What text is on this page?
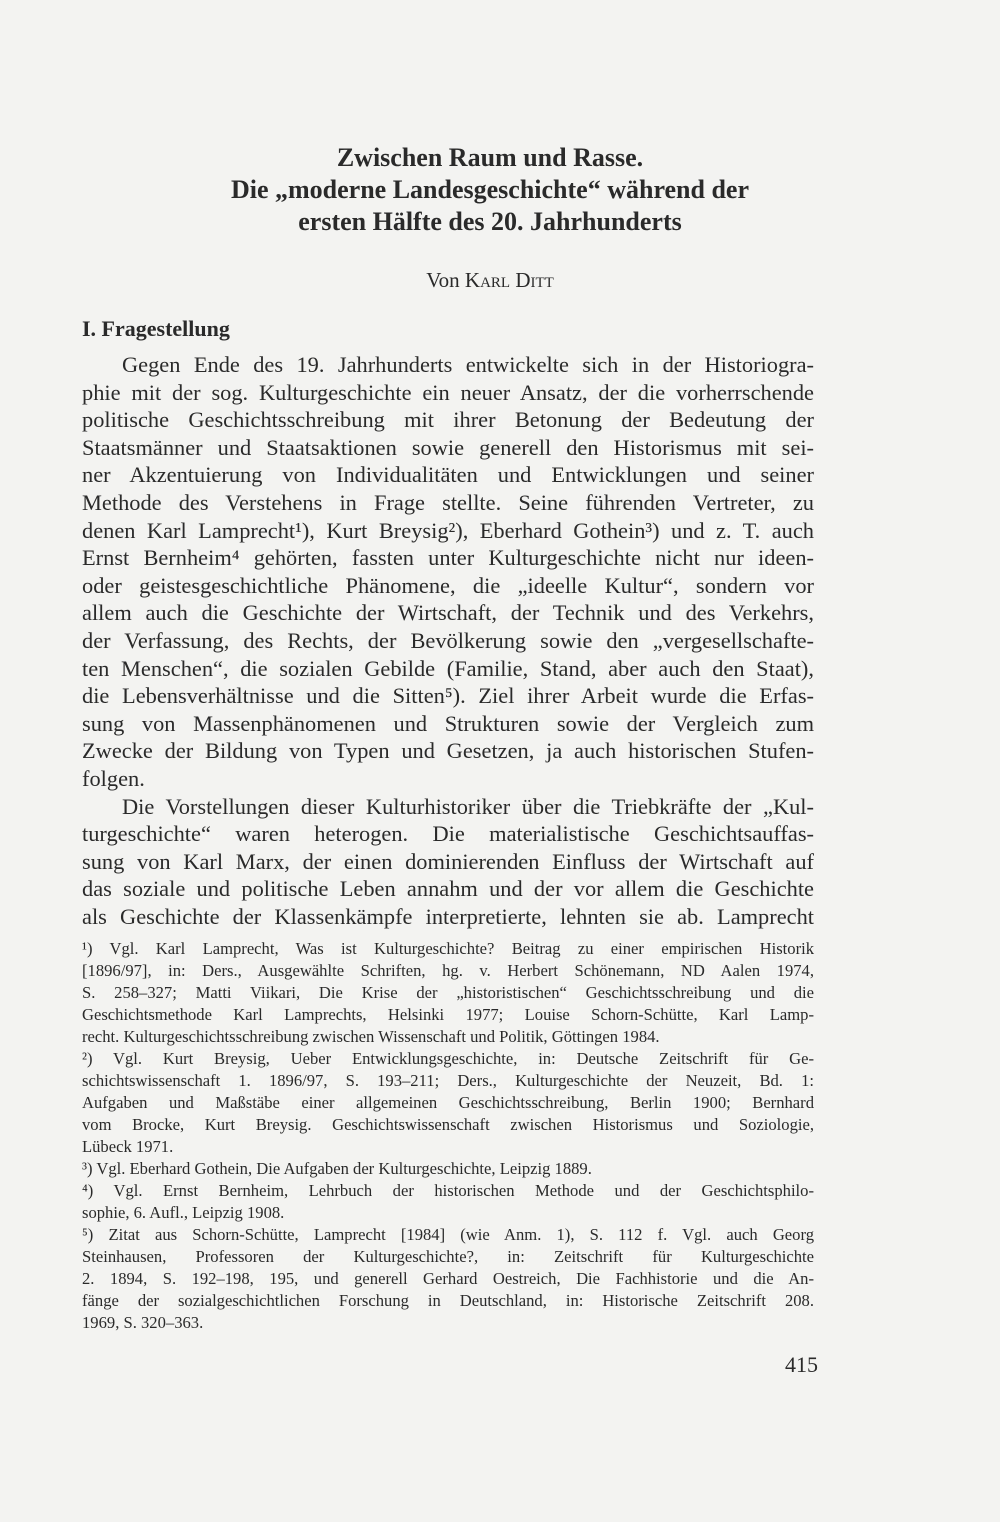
Zwischen Raum und Rasse.
Die „moderne Landesgeschichte“ während der
ersten Hälfte des 20. Jahrhunderts
Von Karl Ditt
I. Fragestellung
Gegen Ende des 19. Jahrhunderts entwickelte sich in der Historiogra-
phie mit der sog. Kulturgeschichte ein neuer Ansatz, der die vorherrschende
politische Geschichtsschreibung mit ihrer Betonung der Bedeutung der
Staatsmänner und Staatsaktionen sowie generell den Historismus mit sei-
ner Akzentuierung von Individualitäten und Entwicklungen und seiner
Methode des Verstehens in Frage stellte. Seine führenden Vertreter, zu
denen Karl Lamprecht¹), Kurt Breysig²), Eberhard Gothein³) und z. T. auch
Ernst Bernheim⁴ gehörten, fassten unter Kulturgeschichte nicht nur ideen-
oder geistesgeschichtliche Phänomene, die „ideelle Kultur“, sondern vor
allem auch die Geschichte der Wirtschaft, der Technik und des Verkehrs,
der Verfassung, des Rechts, der Bevölkerung sowie den „vergesellschafte-
ten Menschen“, die sozialen Gebilde (Familie, Stand, aber auch den Staat),
die Lebensverhältnisse und die Sitten⁵). Ziel ihrer Arbeit wurde die Erfas-
sung von Massenphänomenen und Strukturen sowie der Vergleich zum
Zwecke der Bildung von Typen und Gesetzen, ja auch historischen Stufen-
folgen.
Die Vorstellungen dieser Kulturhistoriker über die Triebkräfte der „Kul-
turgeschichte“ waren heterogen. Die materialistische Geschichtsauffas-
sung von Karl Marx, der einen dominierenden Einfluss der Wirtschaft auf
das soziale und politische Leben annahm und der vor allem die Geschichte
als Geschichte der Klassenkämpfe interpretierte, lehnten sie ab. Lamprecht
¹) Vgl. Karl Lamprecht, Was ist Kulturgeschichte? Beitrag zu einer empirischen Historik
[1896/97], in: Ders., Ausgewählte Schriften, hg. v. Herbert Schönemann, ND Aalen 1974,
S. 258–327; Matti Viikari, Die Krise der „historistischen“ Geschichtsschreibung und die
Geschichtsmethode Karl Lamprechts, Helsinki 1977; Louise Schorn-Schütte, Karl Lamp-
recht. Kulturgeschichtsschreibung zwischen Wissenschaft und Politik, Göttingen 1984.
²) Vgl. Kurt Breysig, Ueber Entwicklungsgeschichte, in: Deutsche Zeitschrift für Ge-
schichtswissenschaft 1. 1896/97, S. 193–211; Ders., Kulturgeschichte der Neuzeit, Bd. 1:
Aufgaben und Maßstäbe einer allgemeinen Geschichtsschreibung, Berlin 1900; Bernhard
vom Brocke, Kurt Breysig. Geschichtswissenschaft zwischen Historismus und Soziologie,
Lübeck 1971.
³) Vgl. Eberhard Gothein, Die Aufgaben der Kulturgeschichte, Leipzig 1889.
⁴) Vgl. Ernst Bernheim, Lehrbuch der historischen Methode und der Geschichtsphilo-
sophie, 6. Aufl., Leipzig 1908.
⁵) Zitat aus Schorn-Schütte, Lamprecht [1984] (wie Anm. 1), S. 112 f. Vgl. auch Georg
Steinhausen, Professoren der Kulturgeschichte?, in: Zeitschrift für Kulturgeschichte
2. 1894, S. 192–198, 195, und generell Gerhard Oestreich, Die Fachhistorie und die An-
fänge der sozialgeschichtlichen Forschung in Deutschland, in: Historische Zeitschrift 208.
1969, S. 320–363.
415
